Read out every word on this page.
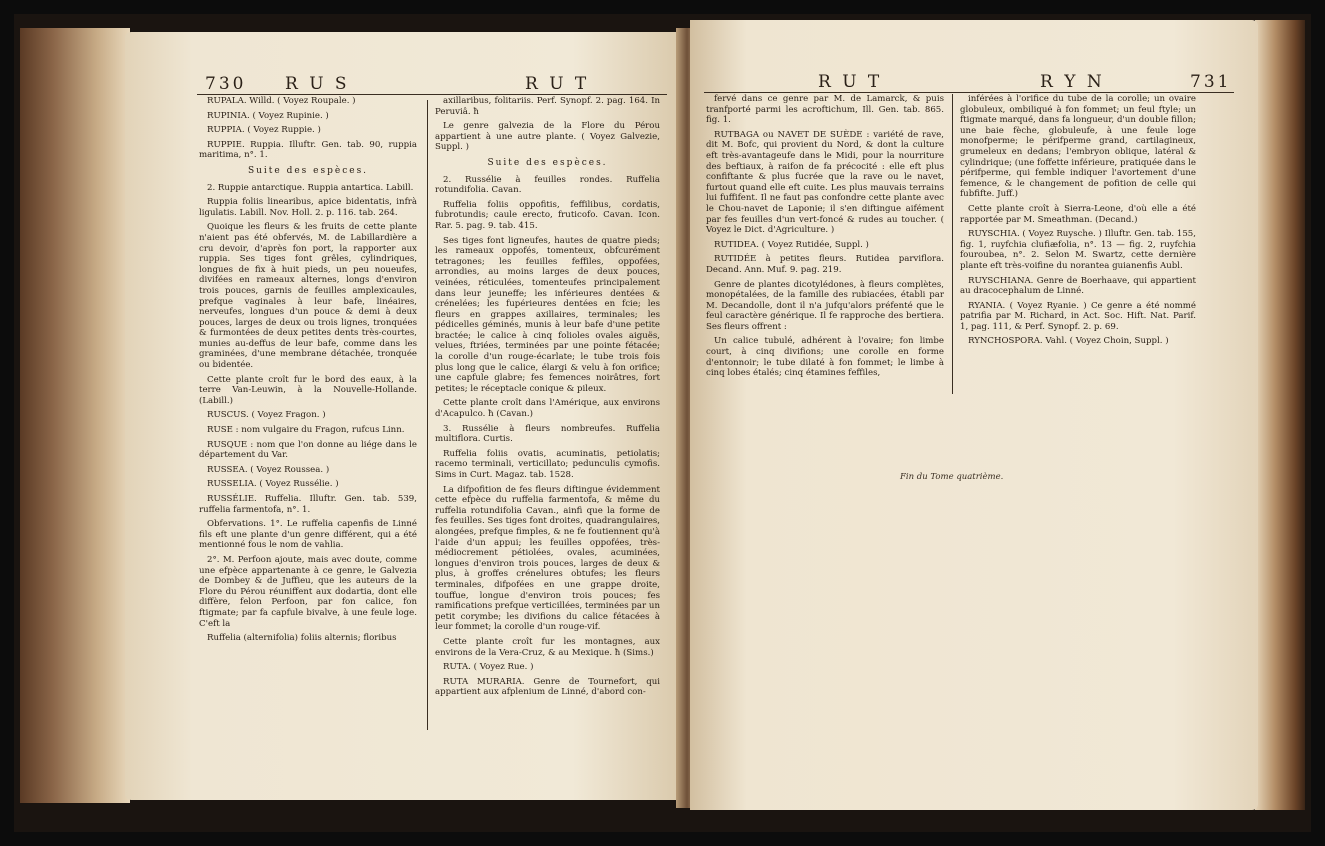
730 R U S	R U T

RUPALA. Willd. ( Voyez Roupale. )

RUPINIA. ( Voyez Rupinie. )

RUPPIA. ( Voyez Ruppie. )

RUPPIE. Ruppia. Illuftr. Gen. tab. 90, ruppia maritima, n°. 1.

Suite des espèces.

2. Ruppie antarctique. Ruppia antartica. Labill.

Ruppia foliis linearibus, apice bidentatis, infrà ligulatis. Labill. Nov. Holl. 2. p. 116. tab. 264.

Quoique les fleurs & les fruits de cette plante n'aient pas été obfervés, M. de Labillardière a cru devoir, d'après fon port, la rapporter aux ruppia. Ses tiges font grêles, cylindriques, longues de fix à huit pieds, un peu noueufes, divifées en rameaux alternes, longs d'environ trois pouces, garnis de feuilles amplexicaules, prefque vaginales à leur bafe, linéaires, nerveufes, longues d'un pouce & demi à deux pouces, larges de deux ou trois lignes, tronquées & furmontées de deux petites dents très-courtes, munies au-deffus de leur bafe, comme dans les graminées, d'une membrane détachée, tronquée ou bidentée.

Cette plante croît fur le bord des eaux, à la terre Van-Leuwin, à la Nouvelle-Hollande. (Labill.)

RUSCUS. ( Voyez Fragon. )

RUSE : nom vulgaire du Fragon, rufcus Linn.

RUSQUE : nom que l'on donne au liége dans le département du Var.

RUSSEA. ( Voyez Roussea. )

RUSSELIA. ( Voyez Russélie. )

RUSSÉLIE. Ruffelia. Illuftr. Gen. tab. 539, ruffelia farmentofa, n°. 1.

Obfervations. 1°. Le ruffelia capenfis de Linné fils eft une plante d'un genre différent, qui a été mentionné fous le nom de vahlia.

2°. M. Perfoon ajoute, mais avec doute, comme une efpèce appartenante à ce genre, le Galvezia de Dombey & de Juffieu, que les auteurs de la Flore du Pérou réuniffent aux dodartia, dont elle diffère, felon Perfoon, par fon calice, fon ftigmate; par fa capfule bivalve, à une feule loge. C'eft la

Ruffelia (alternifolia) foliis alternis; floribus

axillaribus, folitariis. Perf. Synopf. 2. pag. 164. In Peruviâ. ħ

Le genre galvezia de la Flore du Pérou appartient à une autre plante. ( Voyez Galvezie, Suppl. )

Suite des espèces.

2. Russélie à feuilles rondes. Ruffelia rotundifolia. Cavan.

Ruffelia foliis oppofitis, feffilibus, cordatis, fubrotundis; caule erecto, fruticofo. Cavan. Icon. Rar. 5. pag. 9. tab. 415.

Ses tiges font ligneufes, hautes de quatre pieds; les rameaux oppofés, tomenteux, obfcurément tetragones; les feuilles feffiles, oppofées, arrondies, au moins larges de deux pouces, veinées, réticulées, tomenteufes principalement dans leur jeuneffe; les inférieures dentées & crénelées; les fupérieures dentées en fcie; les fleurs en grappes axillaires, terminales; les pédicelles géminés, munis à leur bafe d'une petite bractée; le calice à cinq folioles ovales aiguës, velues, ftriées, terminées par une pointe fétacée; la corolle d'un rouge-écarlate; le tube trois fois plus long que le calice, élargi & velu à fon orifice; une capfule glabre; fes femences noirâtres, fort petites; le réceptacle conique & pileux.

Cette plante croît dans l'Amérique, aux environs d'Acapulco. ħ (Cavan.)

3. Russélie à fleurs nombreufes. Ruffelia multiflora. Curtis.

Ruffelia foliis ovatis, acuminatis, petiolatis; racemo terminali, verticillato; pedunculis cymofis. Sims in Curt. Magaz. tab. 1528.

La difpofition de fes fleurs diftingue évidemment cette efpèce du ruffelia farmentofa, & même du ruffelia rotundifolia Cavan., ainfi que la forme de fes feuilles. Ses tiges font droites, quadrangulaires, alongées, prefque fimples, & ne fe foutiennent qu'à l'aide d'un appui; les feuilles oppofées, très-médiocrement pétiolées, ovales, acuminées, longues d'environ trois pouces, larges de deux & plus, à groffes crénelures obtufes; les fleurs terminales, difpofées en une grappe droite, touffue, longue d'environ trois pouces; fes ramifications prefque verticillées, terminées par un petit corymbe; les divifions du calice fétacées à leur fommet; la corolle d'un rouge-vif.

Cette plante croît fur les montagnes, aux environs de la Vera-Cruz, & au Mexique. ħ (Sims.)

RUTA. ( Voyez Rue. )

RUTA MURARIA. Genre de Tournefort, qui appartient aux afplenium de Linné, d'abord con-

R U T	R Y N	731

fervé dans ce genre par M. de Lamarck, & puis tranfporté parmi les acroftichum, Ill. Gen. tab. 865. fig. 1.

RUTBAGA ou NAVET DE SUÈDE : variété de rave, dit M. Bofc, qui provient du Nord, & dont la culture eft très-avantageufe dans le Midi, pour la nourriture des beftiaux, à raifon de fa précocité : elle eft plus confiftante & plus fucrée que la rave ou le navet, furtout quand elle eft cuite. Les plus mauvais terrains lui fuffifent. Il ne faut pas confondre cette plante avec le Chou-navet de Laponie; il s'en diftingue aifément par fes feuilles d'un vert-foncé & rudes au toucher. ( Voyez le Dict. d'Agriculture. )

RUTIDEA. ( Voyez Rutidée, Suppl. )

RUTIDÉE à petites fleurs. Rutidea parviflora. Decand. Ann. Muf. 9. pag. 219.

Genre de plantes dicotylédones, à fleurs complètes, monopétalées, de la famille des rubiacées, établi par M. Decandolle, dont il n'a jufqu'alors préfenté que le feul caractère générique. Il fe rapproche des bertiera. Ses fleurs offrent :

Un calice tubulé, adhérent à l'ovaire; fon limbe court, à cinq divifions; une corolle en forme d'entonnoir; le tube dilaté à fon fommet; le limbe à cinq lobes étalés; cinq étamines feffiles,

inférées à l'orifice du tube de la corolle; un ovaire globuleux, ombiliqué à fon fommet; un feul ftyle; un ftigmate marqué, dans fa longueur, d'un double fillon; une baie fèche, globuleufe, à une feule loge monofperme; le périfperme grand, cartilagineux, grumeleux en dedans; l'embryon oblique, latéral & cylindrique; (une foffette inférieure, pratiquée dans le périfperme, qui femble indiquer l'avortement d'une femence, & le changement de pofition de celle qui fubfifte. Juff.)

Cette plante croît à Sierra-Leone, d'où elle a été rapportée par M. Smeathman. (Decand.)

RUYSCHIA. ( Voyez Ruysche. ) Illuftr. Gen. tab. 155, fig. 1, ruyfchia clufiæfolia, n°. 13 — fig. 2, ruyfchia fouroubea, n°. 2. Selon M. Swartz, cette dernière plante eft très-voifine du norantea guianenfis Aubl.

RUYSCHIANA. Genre de Boerhaave, qui appartient au dracocephalum de Linné.

RYANIA. ( Voyez Ryanie. ) Ce genre a été nommé patrifia par M. Richard, in Act. Soc. Hift. Nat. Parif. 1, pag. 111, & Perf. Synopf. 2. p. 69.

RYNCHOSPORA. Vahl. ( Voyez Choin, Suppl. )

Fin du Tome quatrième.
